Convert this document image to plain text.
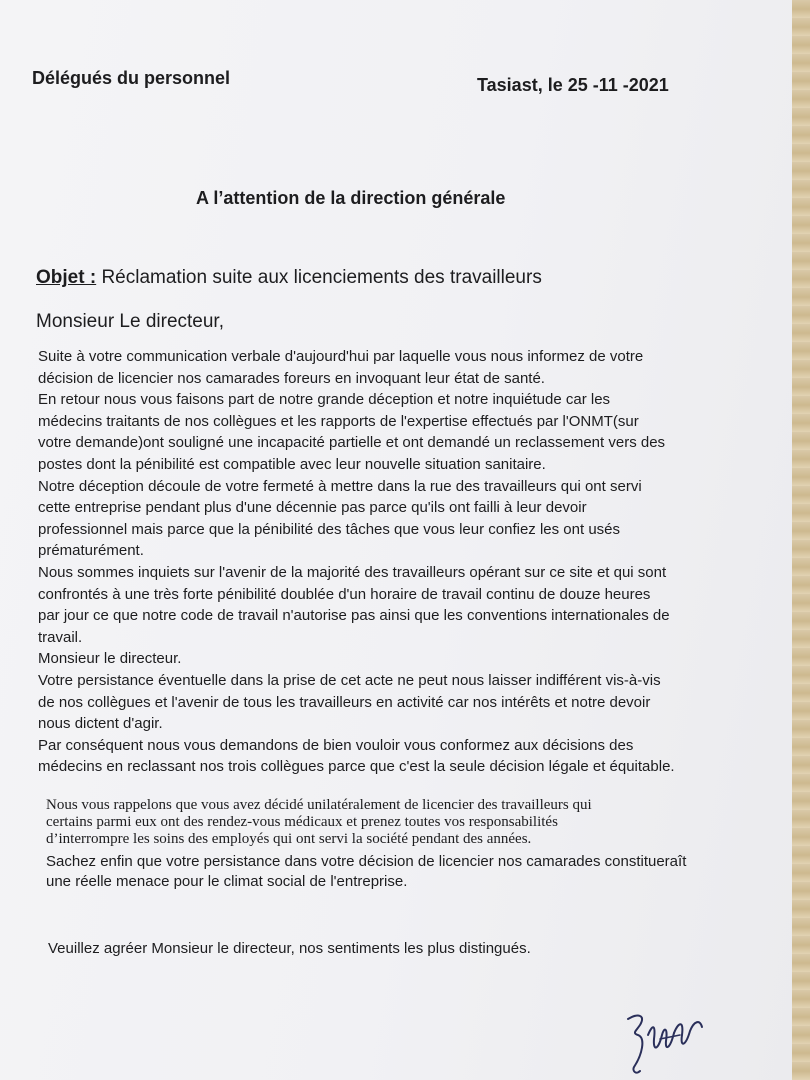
Délégués du personnel	Tasiast, le 25 -11 -2021
A l’attention de la direction générale
Objet : Réclamation suite aux licenciements des travailleurs
Monsieur Le directeur,
Suite à votre communication verbale d'aujourd'hui par laquelle vous nous informez de votre
décision de licencier nos camarades foreurs en invoquant leur état de santé.
En retour nous vous faisons part de notre grande déception et notre inquiétude car les
médecins traitants de nos collègues et les rapports de l'expertise effectués par l'ONMT(sur
votre demande)ont souligné une incapacité partielle et ont demandé un reclassement vers des
postes dont la pénibilité est compatible avec leur nouvelle situation sanitaire.
Notre déception découle de votre fermeté à mettre dans la rue des travailleurs qui ont servi
cette entreprise pendant plus d'une décennie pas parce qu'ils ont failli à leur devoir
professionnel mais parce que la pénibilité des tâches que vous leur confiez les ont usés
prématurément.
Nous sommes inquiets sur l'avenir de la majorité des travailleurs opérant sur ce site et qui sont
confrontés à une très forte pénibilité doublée d'un horaire de travail continu de douze heures
par jour ce que notre code de travail n'autorise pas ainsi que les conventions internationales de
travail.
Monsieur le directeur.
Votre persistance éventuelle dans la prise de cet acte ne peut nous laisser indifférent vis-à-vis
de nos collègues et l'avenir de tous les travailleurs en activité car nos intérêts et notre devoir
nous dictent d'agir.
Par conséquent nous vous demandons de bien vouloir vous conformez aux décisions des
médecins en reclassant nos trois collègues parce que c'est la seule décision légale et équitable.
Nous vous rappelons que vous avez décidé unilatéralement de licencier des travailleurs qui
certains parmi eux ont des rendez-vous médicaux et prenez toutes vos responsabilités
d’interrompre les soins des employés qui ont servi la société pendant des années.
Sachez enfin que votre persistance dans votre décision de licencier nos camarades constitueraît
une réelle menace pour le climat social de l'entreprise.
Veuillez agréer Monsieur le directeur, nos sentiments les plus distingués.
